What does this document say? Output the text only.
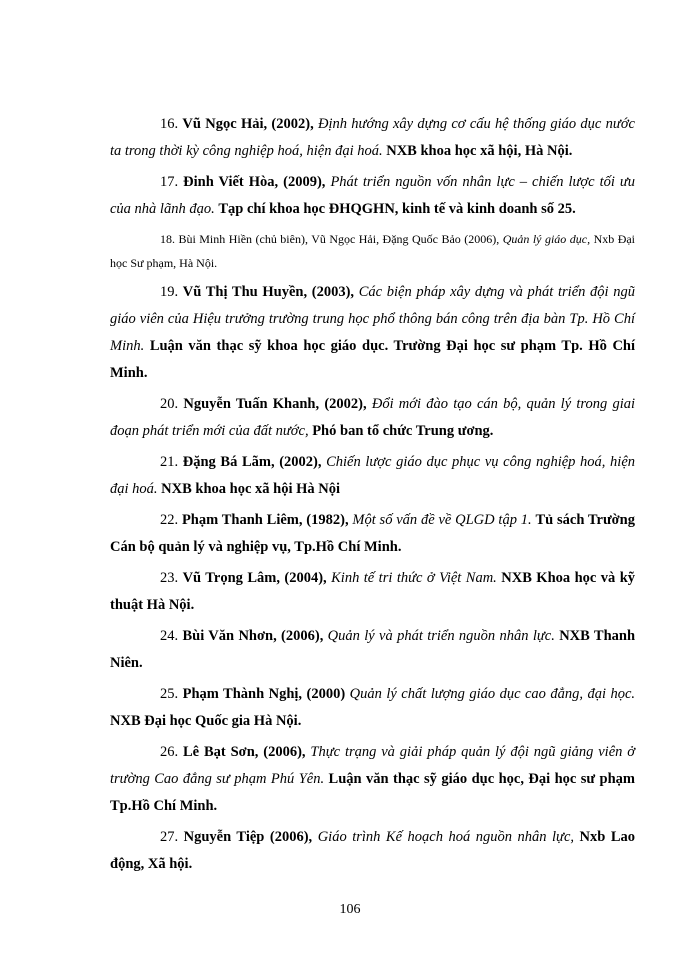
16. Vũ Ngọc Hải, (2002), Định hướng xây dựng cơ cấu hệ thống giáo dục nước ta trong thời kỳ công nghiệp hoá, hiện đại hoá. NXB khoa học xã hội, Hà Nội.

17. Đinh Viết Hòa, (2009), Phát triển nguồn vốn nhân lực – chiến lược tối ưu của nhà lãnh đạo. Tạp chí khoa học ĐHQGHN, kinh tế và kinh doanh số 25.

18. Bùi Minh Hiền (chủ biên), Vũ Ngọc Hải, Đặng Quốc Bảo (2006), Quản lý giáo dục, Nxb Đại học Sư phạm, Hà Nội.

19. Vũ Thị Thu Huyền, (2003), Các biện pháp xây dựng và phát triển đội ngũ giáo viên của Hiệu trưởng trường trung học phổ thông bán công trên địa bàn Tp. Hồ Chí Minh. Luận văn thạc sỹ khoa học giáo dục. Trường Đại học sư phạm Tp. Hồ Chí Minh.

20. Nguyễn Tuấn Khanh, (2002), Đổi mới đào tạo cán bộ, quản lý trong giai đoạn phát triển mới của đất nước, Phó ban tổ chức Trung ương.

21. Đặng Bá Lãm, (2002), Chiến lược giáo dục phục vụ công nghiệp hoá, hiện đại hoá. NXB khoa học xã hội Hà Nội

22. Phạm Thanh Liêm, (1982), Một số vấn đề về QLGD tập 1. Tủ sách Trường Cán bộ quản lý và nghiệp vụ, Tp.Hồ Chí Minh.

23. Vũ Trọng Lâm, (2004), Kinh tế tri thức ở Việt Nam. NXB Khoa học và kỹ thuật Hà Nội.

24. Bùi Văn Nhơn, (2006), Quản lý và phát triển nguồn nhân lực. NXB Thanh Niên.

25. Phạm Thành Nghị, (2000) Quản lý chất lượng giáo dục cao đẳng, đại học. NXB Đại học Quốc gia Hà Nội.

26. Lê Bạt Sơn, (2006), Thực trạng và giải pháp quản lý đội ngũ giảng viên ở trường Cao đẳng sư phạm Phú Yên. Luận văn thạc sỹ giáo dục học, Đại học sư phạm Tp.Hồ Chí Minh.

27. Nguyễn Tiệp (2006), Giáo trình Kế hoạch hoá nguồn nhân lực, Nxb Lao động, Xã hội.

106
